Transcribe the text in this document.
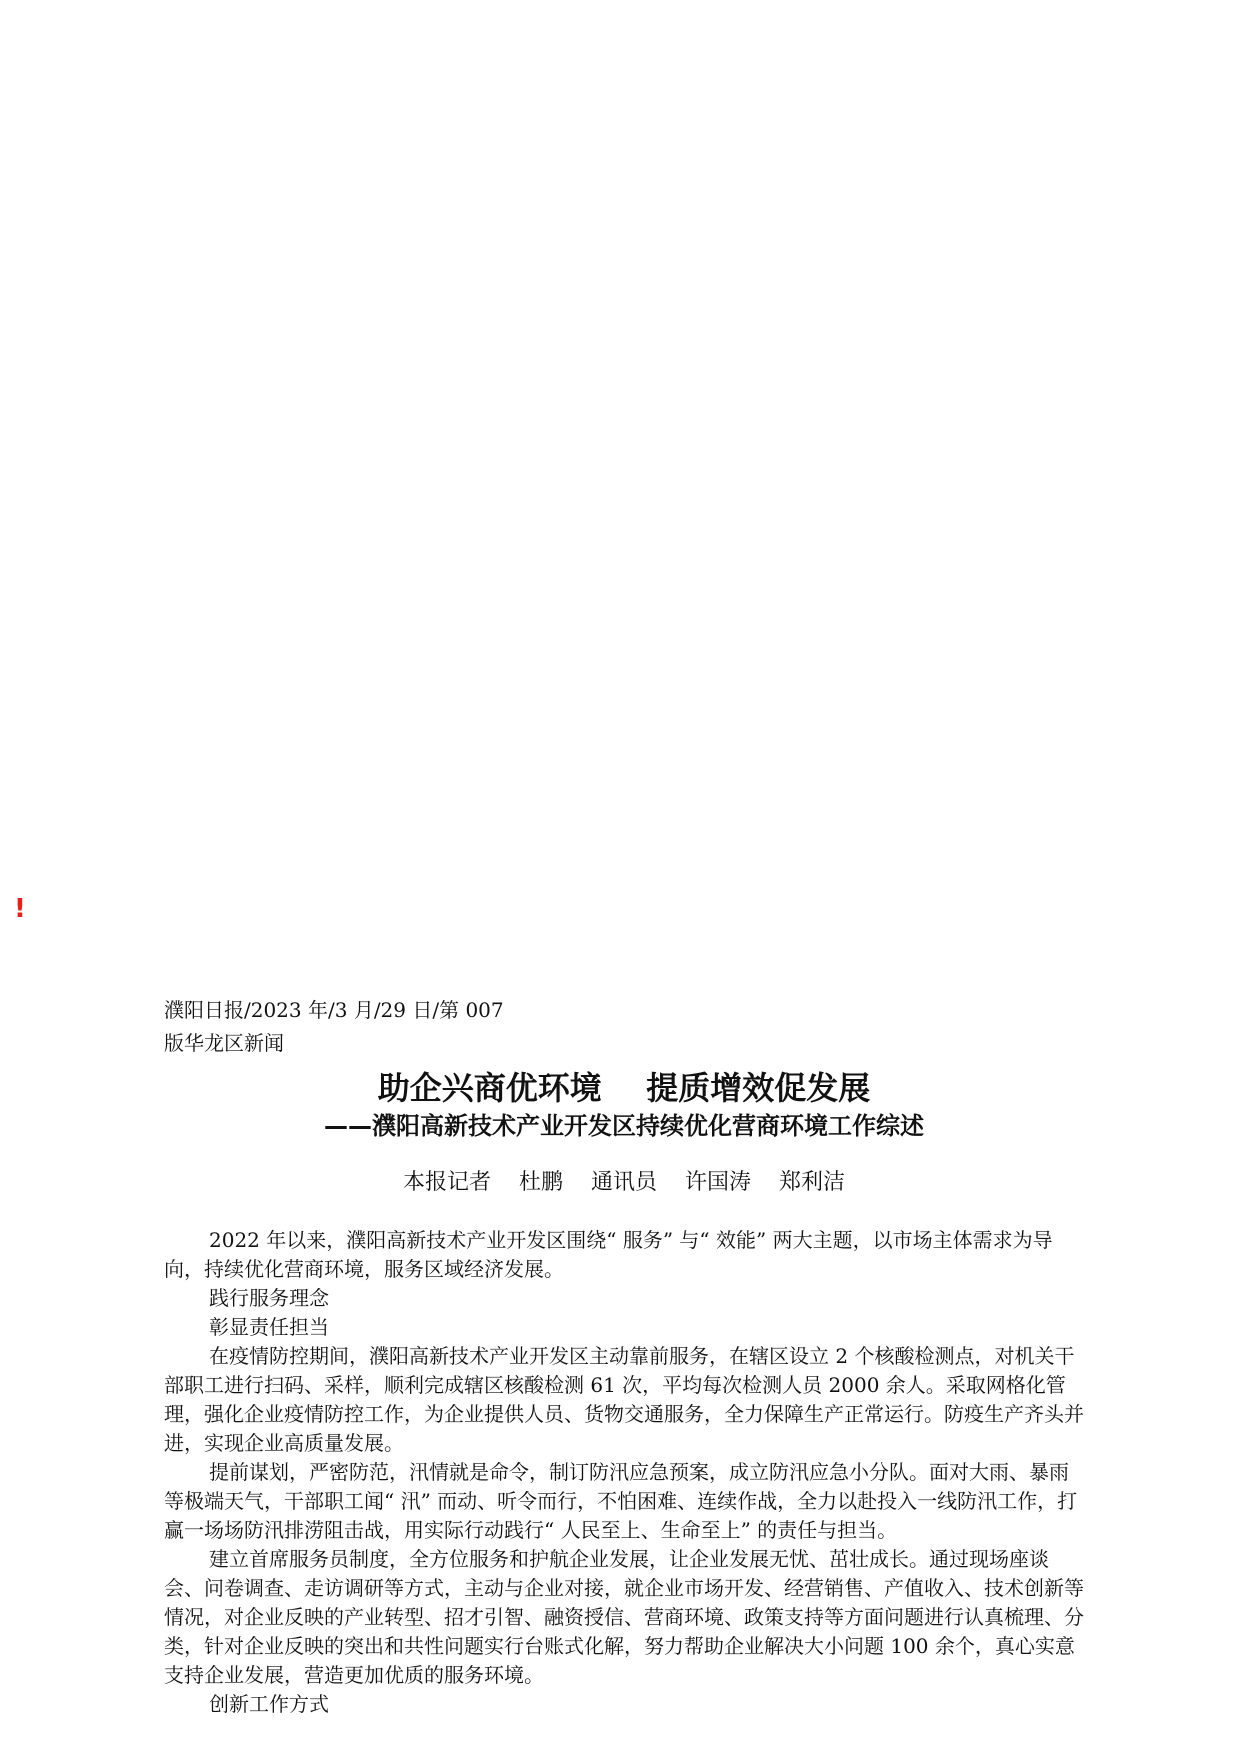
!

濮阳日报/2023 年/3 月/29 日/第 007

版华龙区新闻

助企兴商优环境    提质增效促发展
——濮阳高新技术产业开发区持续优化营商环境工作综述

本报记者    杜鹏    通讯员    许国涛    郑利洁

2022 年以来，濮阳高新技术产业开发区围绕“ 服务” 与“ 效能” 两大主题，以市场主体需求为导向，持续优化营商环境，服务区域经济发展。

践行服务理念

彰显责任担当

在疫情防控期间，濮阳高新技术产业开发区主动靠前服务，在辖区设立 2 个核酸检测点，对机关干部职工进行扫码、采样，顺利完成辖区核酸检测 61 次，平均每次检测人员 2000 余人。采取网格化管理，强化企业疫情防控工作，为企业提供人员、货物交通服务，全力保障生产正常运行。防疫生产齐头并进，实现企业高质量发展。

提前谋划，严密防范，汛情就是命令，制订防汛应急预案，成立防汛应急小分队。面对大雨、暴雨等极端天气，干部职工闻“ 汛” 而动、听令而行，不怕困难、连续作战，全力以赴投入一线防汛工作，打赢一场场防汛排涝阻击战，用实际行动践行“ 人民至上、生命至上” 的责任与担当。

建立首席服务员制度，全方位服务和护航企业发展，让企业发展无忧、茁壮成长。通过现场座谈会、问卷调查、走访调研等方式，主动与企业对接，就企业市场开发、经营销售、产值收入、技术创新等情况，对企业反映的产业转型、招才引智、融资授信、营商环境、政策支持等方面问题进行认真梳理、分类，针对企业反映的突出和共性问题实行台账式化解，努力帮助企业解决大小问题 100 余个，真心实意支持企业发展，营造更加优质的服务环境。

创新工作方式
